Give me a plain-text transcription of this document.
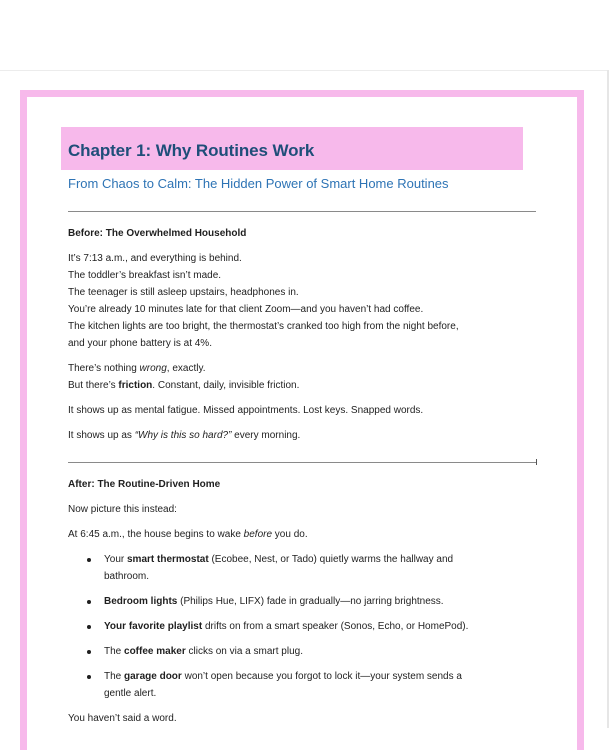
Chapter 1: Why Routines Work

From Chaos to Calm: The Hidden Power of Smart Home Routines

Before: The Overwhelmed Household

It’s 7:13 a.m., and everything is behind.

The toddler’s breakfast isn’t made.

The teenager is still asleep upstairs, headphones in.

You’re already 10 minutes late for that client Zoom—and you haven’t had coffee.

The kitchen lights are too bright, the thermostat’s cranked too high from the night before,

and your phone battery is at 4%.

There’s nothing wrong, exactly.

But there’s friction. Constant, daily, invisible friction.

It shows up as mental fatigue. Missed appointments. Lost keys. Snapped words.

It shows up as “Why is this so hard?” every morning.

After: The Routine-Driven Home

Now picture this instead:

At 6:45 a.m., the house begins to wake before you do.

Your smart thermostat (Ecobee, Nest, or Tado) quietly warms the hallway and

bathroom.

Bedroom lights (Philips Hue, LIFX) fade in gradually—no jarring brightness.

Your favorite playlist drifts on from a smart speaker (Sonos, Echo, or HomePod).

The coffee maker clicks on via a smart plug.

The garage door won’t open because you forgot to lock it—your system sends a

gentle alert.

You haven’t said a word.
